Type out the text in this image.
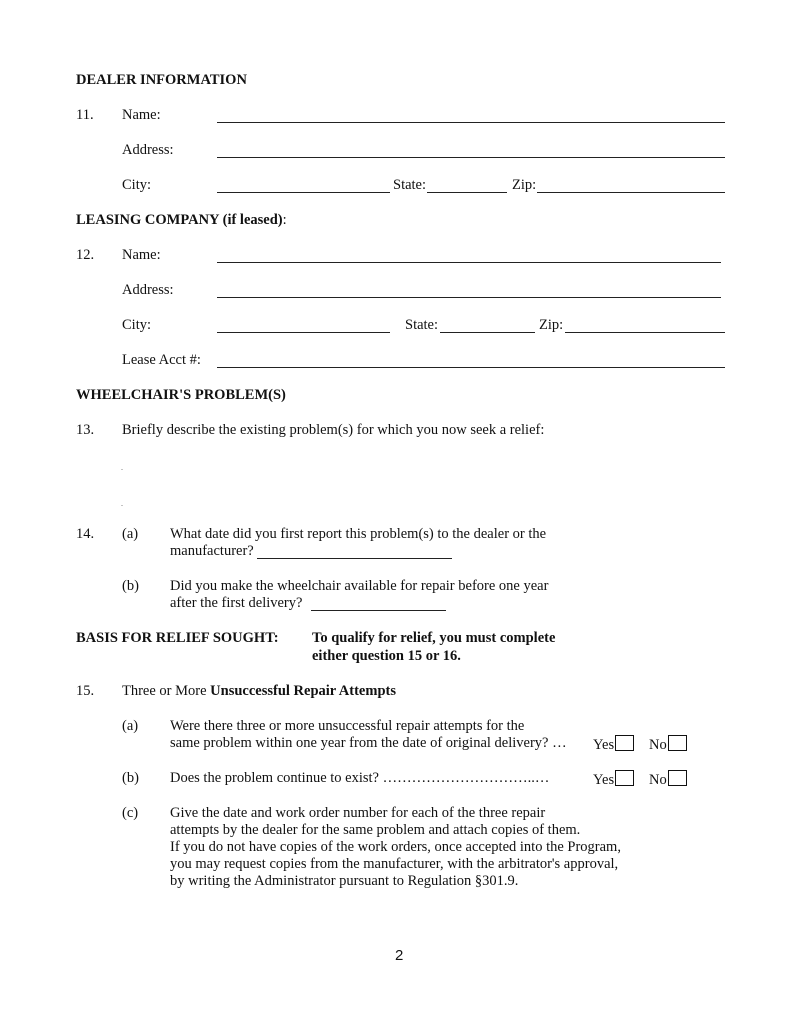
DEALER INFORMATION
11. Name:
Address:
City:	State:	Zip:
LEASING COMPANY (if leased):
12. Name:
Address:
City:	State:	Zip:
Lease Acct #:
WHEELCHAIR'S PROBLEM(S)
13. Briefly describe the existing problem(s) for which you now seek a relief:
.
.
14. (a) What date did you first report this problem(s) to the dealer or the
manufacturer?
(b) Did you make the wheelchair available for repair before one year
after the first delivery?
BASIS FOR RELIEF SOUGHT: To qualify for relief, you must complete
either question 15 or 16.
15. Three or More Unsuccessful Repair Attempts
(a) Were there three or more unsuccessful repair attempts for the
same problem within one year from the date of original delivery? … Yes	No
(b) Does the problem continue to exist? …………………………..…	Yes	No
(c) Give the date and work order number for each of the three repair
attempts by the dealer for the same problem and attach copies of them.
If you do not have copies of the work orders, once accepted into the Program,
you may request copies from the manufacturer, with the arbitrator's approval,
by writing the Administrator pursuant to Regulation §301.9.
2
